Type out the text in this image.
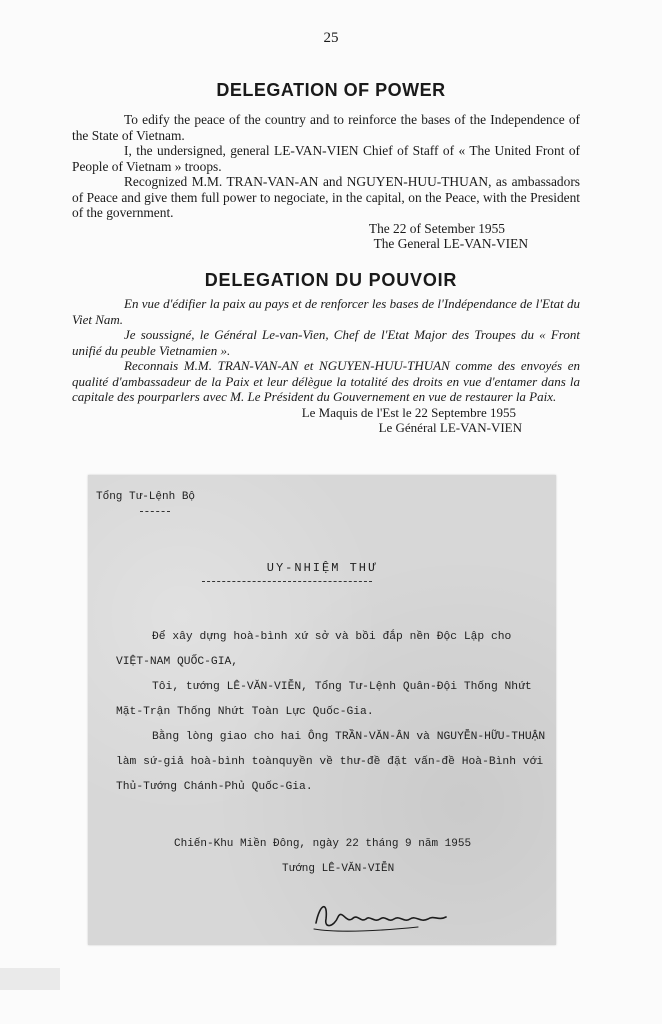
25
DELEGATION OF POWER
To edify the peace of the country and to reinforce the bases of the Independence of the State of Vietnam.
I, the undersigned, general LE-VAN-VIEN Chief of Staff of « The United Front of People of Vietnam » troops.
Recognized M.M. TRAN-VAN-AN and NGUYEN-HUU-THUAN, as ambassadors of Peace and give them full power to negociate, in the capital, on the Peace, with the President of the government.
The 22 of Setember 1955
The General LE-VAN-VIEN
DELEGATION DU POUVOIR
En vue d'édifier la paix au pays et de renforcer les bases de l'Indépendance de l'Etat du Viet Nam.
Je soussigné, le Général Le-van-Vien, Chef de l'Etat Major des Troupes du « Front unifié du peuble Vietnamien ».
Reconnais M.M. TRAN-VAN-AN et NGUYEN-HUU-THUAN comme des envoyés en qualité d'ambassadeur de la Paix et leur délègue la totalité des droits en vue d'entamer dans la capitale des pourparlers avec M. Le Président du Gouvernement en vue de restaurer la Paix.
Le Maquis de l'Est le 22 Septembre 1955
Le Général LE-VAN-VIEN
Tổng Tư-Lệnh Bộ
UY-NHIỆM THƯ
Để xây dựng hoà-bình xứ sở và bồi đắp nền Độc Lập cho VIỆT-NAM QUỐC-GIA,
Tôi, tướng LÊ-VĂN-VIỄN, Tổng Tư-Lệnh Quân-Đội Thống Nhứt Mặt-Trận Thống Nhứt Toàn Lực Quốc-Gia.
Bằng lòng giao cho hai Ông TRẦN-VĂN-ÂN và NGUYỄN-HỮU-THUẬN làm sứ-giả hoà-bình toànquyền về thư-đề đặt vấn-đề Hoà-Bình với Thủ-Tướng Chánh-Phủ Quốc-Gia.
Chiến-Khu Miền Đông, ngày 22 tháng 9 năm 1955
Tướng LÊ-VĂN-VIỄN
